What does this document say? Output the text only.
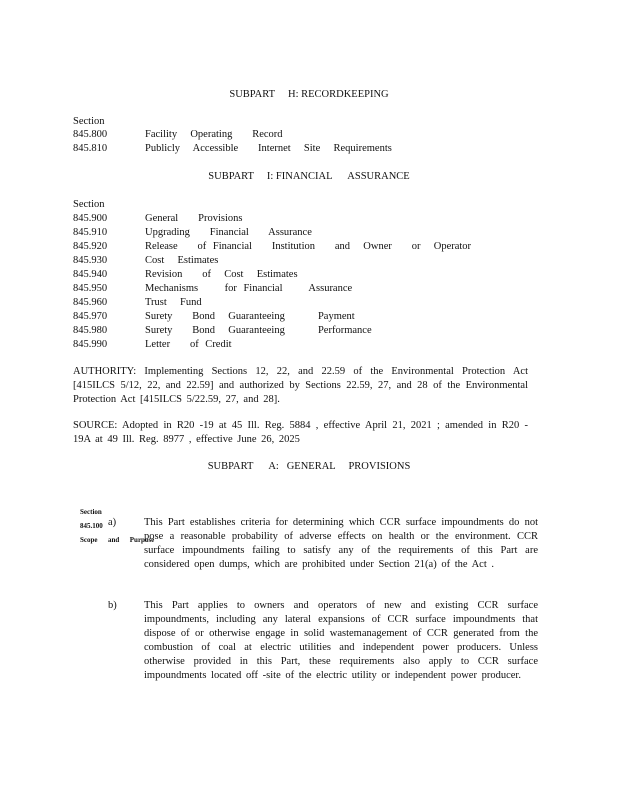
SUBPART     H: RECORDKEEPING
Section
845.800	Facility  Operating   Record
845.810	Publicly  Accessible   Internet  Site  Requirements
SUBPART     I: FINANCIAL      ASSURANCE
Section
845.900	General   Provisions
845.910	Upgrading   Financial   Assurance
845.920	Release   of Financial   Institution   and  Owner   or  Operator
845.930	Cost  Estimates
845.940	Revision   of  Cost  Estimates
845.950	Mechanisms    for Financial    Assurance
845.960	Trust  Fund
845.970	Surety   Bond  Guaranteeing     Payment
845.980	Surety   Bond  Guaranteeing     Performance
845.990	Letter   of Credit
AUTHORITY: Implementing Sections 12, 22, and 22.59 of the Environmental Protection Act [415ILCS 5/12, 22, and 22.59] and authorized by Sections 22.59, 27, and 28 of the Environmental Protection Act [415ILCS 5/22.59, 27, and 28].
SOURCE: Adopted in R20 -19 at 45 Ill. Reg. 5884 , effective April 21, 2021 ; amended in R20 - 19A at 49 Ill. Reg. 8977 , effective June 26, 2025
SUBPART      A:   GENERAL     PROVISIONS

Section
845.100
Scope      and      Purpose

a)	This Part establishes criteria for determining which CCR surface impoundments do not pose a reasonable probability of adverse effects on health or the environment. CCR surface impoundments failing to satisfy any of the requirements of this Part are considered open dumps, which are prohibited under Section 21(a) of the Act .
b)	This Part applies to owners and operators of new and existing CCR surface impoundments, including any lateral expansions of CCR surface impoundments that dispose of or otherwise engage in solid wastemanagement of CCR generated from the combustion of coal at electric utilities and independent power producers. Unless otherwise provided in this Part, these requirements also apply to CCR surface impoundments located off -site of the electric utility or independent power producer.
